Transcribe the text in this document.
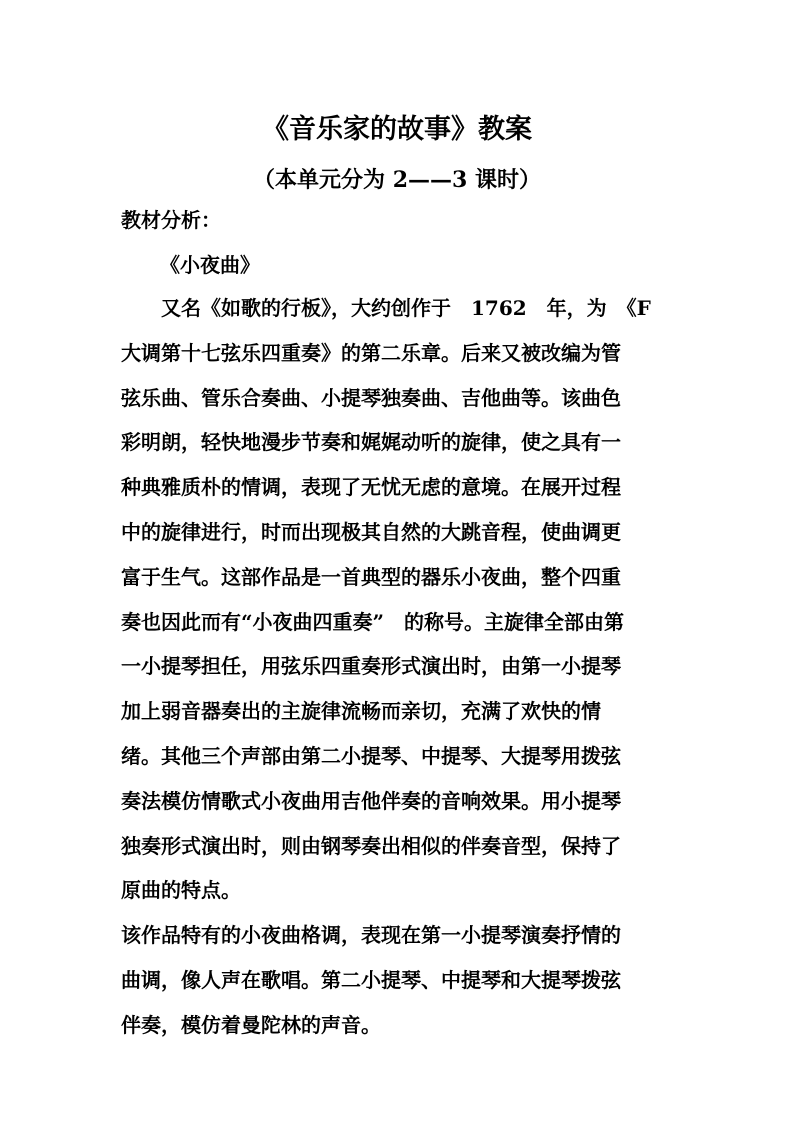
《音乐家的故事》教案
（本单元分为 2——3 课时）
教材分析：
《小夜曲》
　　又名《如歌的行板》，大约创作于　1762　年，为　《F
大调第十七弦乐四重奏》的第二乐章。后来又被改编为管
弦乐曲、管乐合奏曲、小提琴独奏曲、吉他曲等。该曲色
彩明朗，轻快地漫步节奏和娓娓动听的旋律，使之具有一
种典雅质朴的情调，表现了无忧无虑的意境。在展开过程
中的旋律进行，时而出现极其自然的大跳音程，使曲调更
富于生气。这部作品是一首典型的器乐小夜曲，整个四重
奏也因此而有“小夜曲四重奏”　的称号。主旋律全部由第
一小提琴担任，用弦乐四重奏形式演出时，由第一小提琴
加上弱音器奏出的主旋律流畅而亲切，充满了欢快的情
绪。其他三个声部由第二小提琴、中提琴、大提琴用拨弦
奏法模仿情歌式小夜曲用吉他伴奏的音响效果。用小提琴
独奏形式演出时，则由钢琴奏出相似的伴奏音型，保持了
原曲的特点。
该作品特有的小夜曲格调，表现在第一小提琴演奏抒情的
曲调，像人声在歌唱。第二小提琴、中提琴和大提琴拨弦
伴奏，模仿着曼陀林的声音。
